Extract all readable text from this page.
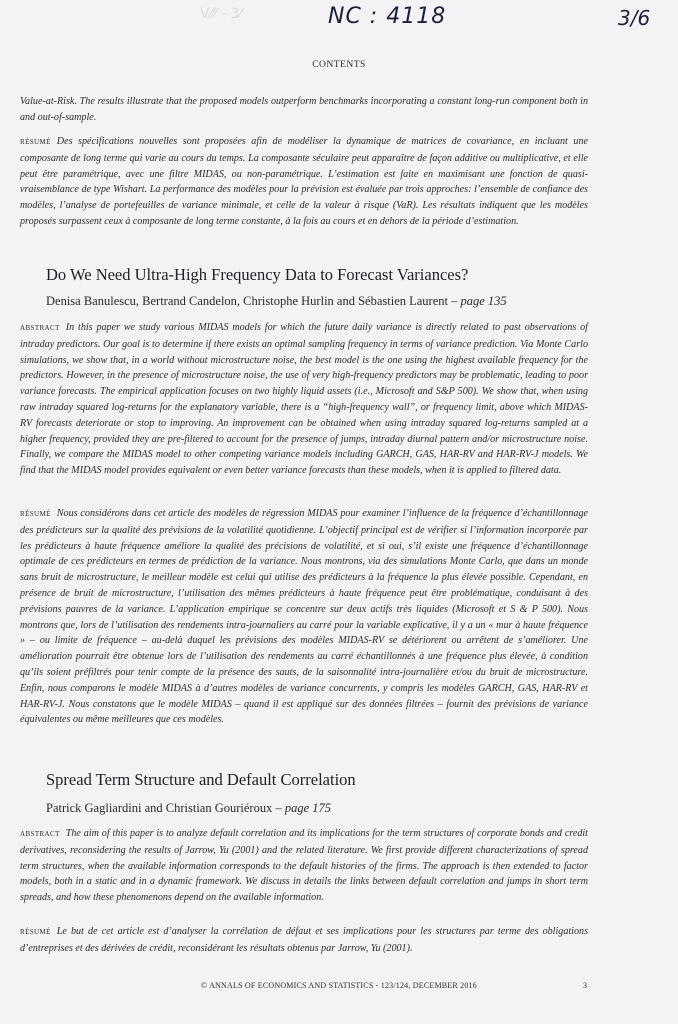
V⁄⁄⁄ - 3⁄	NC : 4118	3/6
CONTENTS
Value-at-Risk. The results illustrate that the proposed models outperform benchmarks incorporating a constant long-run component both in and out-of-sample.
RÉSUMÉ Des spécifications nouvelles sont proposées afin de modéliser la dynamique de matrices de covariance, en incluant une composante de long terme qui varie au cours du temps. La composante séculaire peut apparaître de façon additive ou multiplicative, et elle peut être paramétrique, avec une filtre MIDAS, ou non-paramétrique. L’estimation est faite en maximisant une fonction de quasi-vraisemblance de type Wishart. La performance des modèles pour la prévision est évaluée par trois approches: l’ensemble de confiance des modèles, l’analyse de portefeuilles de variance minimale, et celle de la valeur à risque (VaR). Les résultats indiquent que les modèles proposés surpassent ceux à composante de long terme constante, à la fois au cours et en dehors de la période d’estimation.
Do We Need Ultra-High Frequency Data to Forecast Variances?
Denisa Banulescu, Bertrand Candelon, Christophe Hurlin and Sébastien Laurent – page 135
ABSTRACT In this paper we study various MIDAS models for which the future daily variance is directly related to past observations of intraday predictors. Our goal is to determine if there exists an optimal sampling frequency in terms of variance prediction. Via Monte Carlo simulations, we show that, in a world without microstructure noise, the best model is the one using the highest available frequency for the predictors. However, in the presence of microstructure noise, the use of very high-frequency predictors may be problematic, leading to poor variance forecasts. The empirical application focuses on two highly liquid assets (i.e., Microsoft and S&P 500). We show that, when using raw intraday squared log-returns for the explanatory variable, there is a “high-frequency wall”, or frequency limit, above which MIDAS-RV forecasts deteriorate or stop to improving. An improvement can be obtained when using intraday squared log-returns sampled at a higher frequency, provided they are pre-filtered to account for the presence of jumps, intraday diurnal pattern and/or microstructure noise. Finally, we compare the MIDAS model to other competing variance models including GARCH, GAS, HAR-RV and HAR-RV-J models. We find that the MIDAS model provides equivalent or even better variance forecasts than these models, when it is applied to filtered data.
RÉSUMÉ Nous considérons dans cet article des modèles de régression MIDAS pour examiner l’influence de la fréquence d’échantillonnage des prédicteurs sur la qualité des prévisions de la volatilité quotidienne. L’objectif principal est de vérifier si l’information incorporée par les prédicteurs à haute fréquence améliore la qualité des précisions de volatilité, et si oui, s’il existe une fréquence d’échantillonnage optimale de ces prédicteurs en termes de prédiction de la variance. Nous montrons, via des simulations Monte Carlo, que dans un monde sans bruit de microstructure, le meilleur modèle est celui qui utilise des prédicteurs à la fréquence la plus élevée possible. Cependant, en présence de bruit de microstructure, l’utilisation des mêmes prédicteurs à haute fréquence peut être problématique, conduisant à des prévisions pauvres de la variance. L’application empirique se concentre sur deux actifs très liquides (Microsoft et S & P 500). Nous montrons que, lors de l’utilisation des rendements intra-journaliers au carré pour la variable explicative, il y a un « mur à haute fréquence » – ou limite de fréquence – au-delà duquel les prévisions des modèles MIDAS-RV se détériorent ou arrêtent de s’améliorer. Une amélioration pourrait être obtenue lors de l’utilisation des rendements au carré échantillonnés à une fréquence plus élevée, à condition qu’ils soient préfiltrés pour tenir compte de la présence des sauts, de la saisonnalité intra-journalière et/ou du bruit de microstructure. Enfin, nous comparons le modèle MIDAS à d’autres modèles de variance concurrents, y compris les modèles GARCH, GAS, HAR-RV et HAR-RV-J. Nous constatons que le modèle MIDAS – quand il est appliqué sur des données filtrées – fournit des prévisions de variance équivalentes ou même meilleures que ces modèles.
Spread Term Structure and Default Correlation
Patrick Gagliardini and Christian Gouriéroux – page 175
ABSTRACT The aim of this paper is to analyze default correlation and its implications for the term structures of corporate bonds and credit derivatives, reconsidering the results of Jarrow, Yu (2001) and the related literature. We first provide different characterizations of spread term structures, when the available information corresponds to the default histories of the firms. The approach is then extended to factor models, both in a static and in a dynamic framework. We discuss in details the links between default correlation and jumps in short term spreads, and how these phenomenons depend on the available information.
RÉSUMÉ Le but de cet article est d’analyser la corrélation de défaut et ses implications pour les structures par terme des obligations d’entreprises et des dérivées de crédit, reconsidérant les résultats obtenus par Jarrow, Yu (2001).
© ANNALS OF ECONOMICS AND STATISTICS - 123/124, DECEMBER 2016	3
